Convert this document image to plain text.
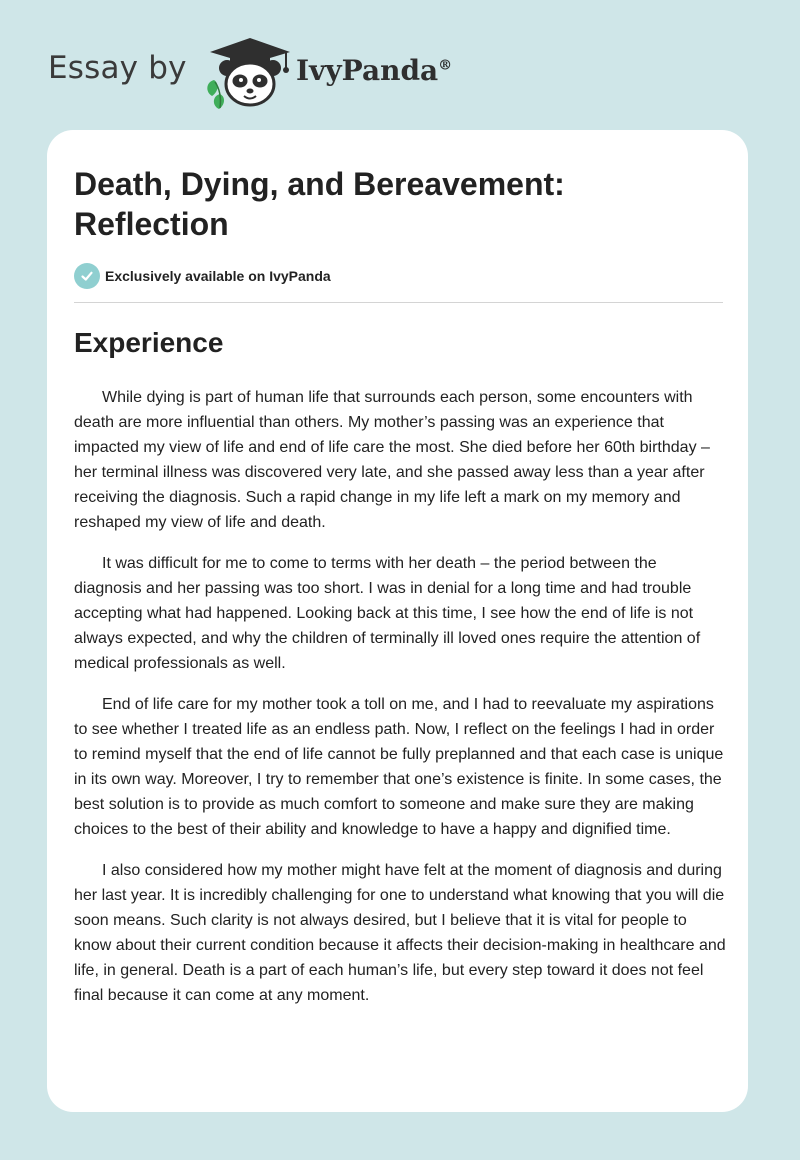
Essay by	IvyPanda®
Death, Dying, and Bereavement: Reflection
Exclusively available on IvyPanda
Experience

While dying is part of human life that surrounds each person, some encounters with death are more influential than others. My mother’s passing was an experience that impacted my view of life and end of life care the most. She died before her 60th birthday – her terminal illness was discovered very late, and she passed away less than a year after receiving the diagnosis. Such a rapid change in my life left a mark on my memory and reshaped my view of life and death.

It was difficult for me to come to terms with her death – the period between the diagnosis and her passing was too short. I was in denial for a long time and had trouble accepting what had happened. Looking back at this time, I see how the end of life is not always expected, and why the children of terminally ill loved ones require the attention of medical professionals as well.

End of life care for my mother took a toll on me, and I had to reevaluate my aspirations to see whether I treated life as an endless path. Now, I reflect on the feelings I had in order to remind myself that the end of life cannot be fully preplanned and that each case is unique in its own way. Moreover, I try to remember that one’s existence is finite. In some cases, the best solution is to provide as much comfort to someone and make sure they are making choices to the best of their ability and knowledge to have a happy and dignified time.

I also considered how my mother might have felt at the moment of diagnosis and during her last year. It is incredibly challenging for one to understand what knowing that you will die soon means. Such clarity is not always desired, but I believe that it is vital for people to know about their current condition because it affects their decision-making in healthcare and life, in general. Death is a part of each human’s life, but every step toward it does not feel final because it can come at any moment.
